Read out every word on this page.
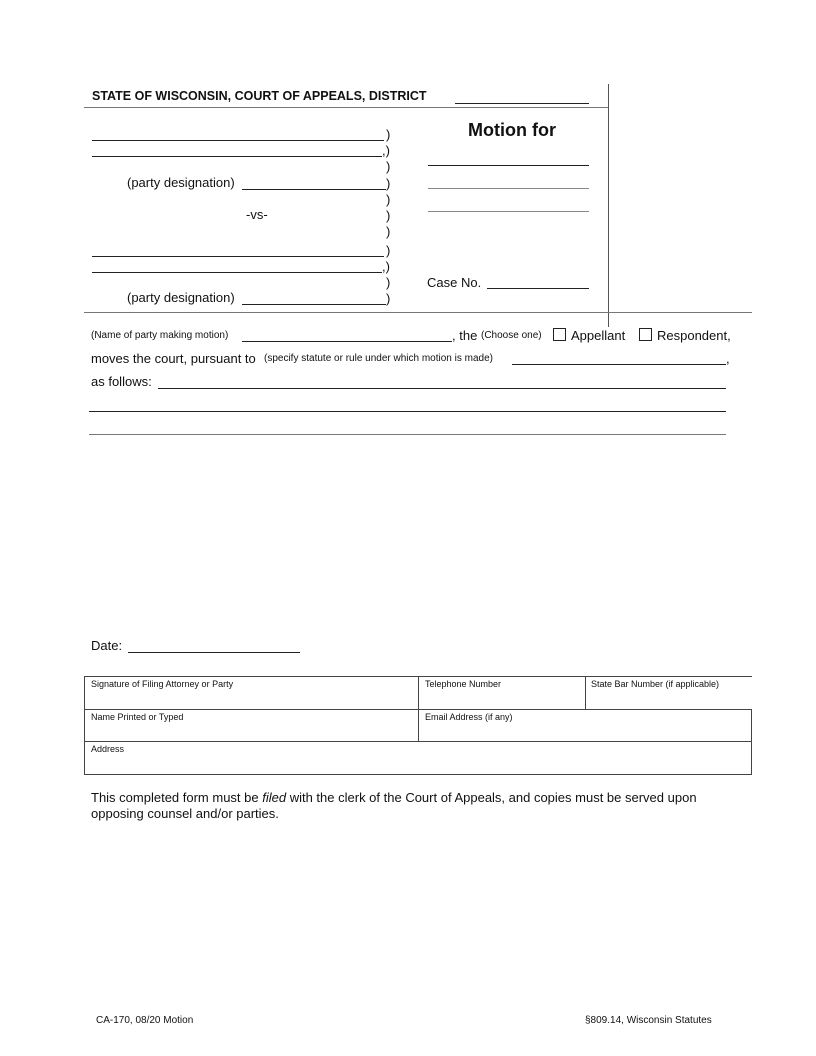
STATE OF WISCONSIN, COURT OF APPEALS, DISTRICT
(party designation)
-vs-
(party designation)
)
,)
)
)
)
)
)
)
,)
)
)
Motion for
Case No.
(Name of party making motion)	, the (Choose one)	Appellant	Respondent,
moves the court, pursuant to (specify statute or rule under which motion is made)	,
as follows:
Date:
Signature of Filing Attorney or Party	Telephone Number	State Bar Number (if applicable)
Name Printed or Typed	Email Address (if any)
Address
This completed form must be filed with the clerk of the Court of Appeals, and copies must be served upon opposing counsel and/or parties.
CA-170, 08/20 Motion	§809.14, Wisconsin Statutes
